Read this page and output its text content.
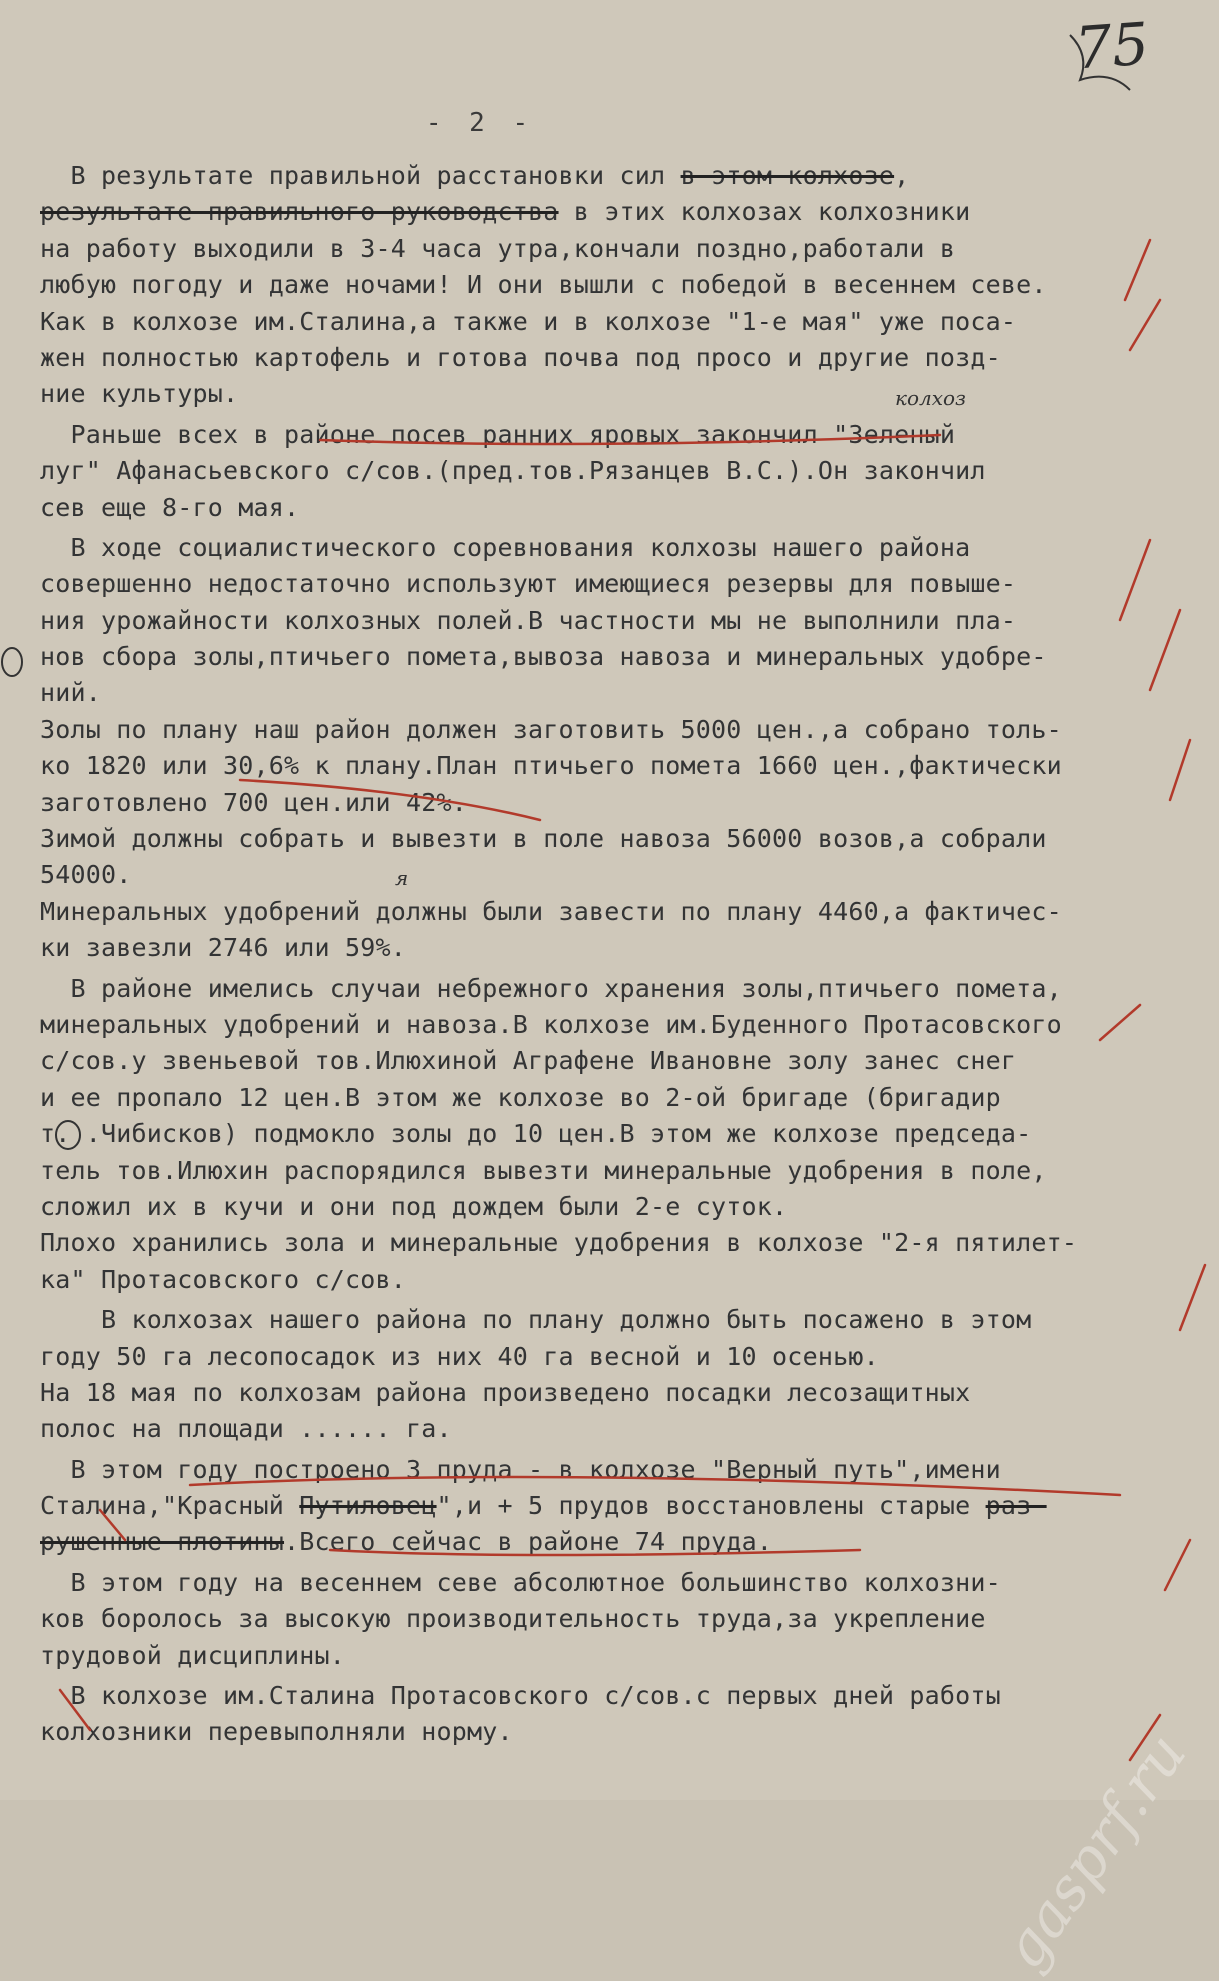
75
- 2 -
колхоз
я
В результате правильной расстановки сил в этом колхозе,
результате правильного руководства в этих колхозах колхозники
на работу выходили в 3-4 часа утра,кончали поздно,работали в
любую погоду и даже ночами! И они вышли с победой в весеннем севе.
Как в колхозе им.Сталина,а также и в колхозе "1-е мая" уже поса-
жен полностью картофель и готова почва под просо и другие позд-
ние культуры.
Раньше всех в районе посев ранних яровых закончил "Зеленый
луг" Афанасьевского с/сов.(пред.тов.Рязанцев В.С.).Он закончил
сев еще 8-го мая.
В ходе социалистического соревнования колхозы нашего района
совершенно недостаточно используют имеющиеся резервы для повыше-
ния урожайности колхозных полей.В частности мы не выполнили пла-
нов сбора золы,птичьего помета,вывоза навоза и минеральных удобре-
ний.
Золы по плану наш район должен заготовить 5000 цен.,а собрано толь-
ко 1820 или 30,6% к плану.План птичьего помета 1660 цен.,фактически
заготовлено 700 цен.или 42%.
Зимой должны собрать и вывезти в поле навоза 56000 возов,а собрали
54000.
Минеральных удобрений должны были завести по плану 4460,а фактичес-
ки завезли 2746 или 59%.
В районе имелись случаи небрежного хранения золы,птичьего помета,
минеральных удобрений и навоза.В колхозе им.Буденного Протасовского
с/сов.у звеньевой тов.Илюхиной Аграфене Ивановне золу занес снег
и ее пропало 12 цен.В этом же колхозе во 2-ой бригаде (бригадир
т. .Чибисков) подмокло золы до 10 цен.В этом же колхозе председа-
тель тов.Илюхин распорядился вывезти минеральные удобрения в поле,
сложил их в кучи и они под дождем были 2-е суток.
Плохо хранились зола и минеральные удобрения в колхозе "2-я пятилет-
ка" Протасовского с/сов.
В колхозах нашего района по плану должно быть посажено в этом
году 50 га лесопосадок из них 40 га весной и 10 осенью.
На 18 мая по колхозам района произведено посадки лесозащитных
полос на площади ...... га.
В этом году построено 3 пруда - в колхозе "Верный путь",имени
Сталина,"Красный Путиловец",и + 5 прудов восстановлены старые раз-
рушенные плотины.Всего сейчас в районе 74 пруда.
В этом году на весеннем севе абсолютное большинство колхозни-
ков боролось за высокую производительность труда,за укрепление
трудовой дисциплины.
В колхозе им.Сталина Протасовского с/сов.с первых дней работы
колхозники перевыполняли норму.	gasprf.ru
